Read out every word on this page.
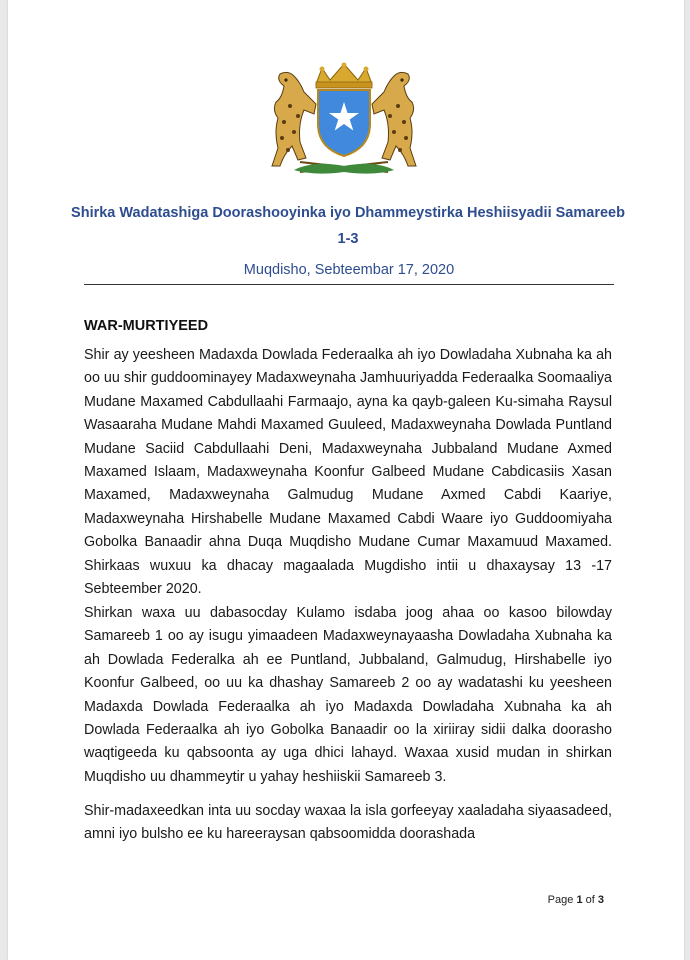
Shirka Wadatashiga Doorashooyinka iyo Dhammeystirka Heshiisyadii Samareeb 1-3
Muqdisho, Sebteembar 17, 2020
WAR-MURTIYEED

Shir ay yeesheen Madaxda Dowlada Federaalka ah iyo Dowladaha Xubnaha ka ah oo uu shir guddoominayey Madaxweynaha Jamhuuriyadda Federaalka Soomaaliya Mudane Maxamed Cabdullaahi Farmaajo, ayna ka qayb-galeen Ku-simaha Raysul Wasaaraha Mudane Mahdi Maxamed Guuleed, Madaxweynaha Dowlada Puntland Mudane Saciid Cabdullaahi Deni, Madaxweynaha Jubbaland Mudane Axmed Maxamed Islaam, Madaxweynaha Koonfur Galbeed Mudane Cabdicasiis Xasan Maxamed, Madaxweynaha Galmudug Mudane Axmed Cabdi Kaariye, Madaxweynaha Hirshabelle Mudane Maxamed Cabdi Waare iyo Guddoomiyaha Gobolka Banaadir ahna Duqa Muqdisho Mudane Cumar Maxamuud Maxamed. Shirkaas wuxuu ka dhacay magaalada Mugdisho intii u dhaxaysay 13 -17 Sebteember 2020.

Shirkan waxa uu dabasocday Kulamo isdaba joog ahaa oo kasoo bilowday Samareeb 1 oo ay isugu yimaadeen Madaxweynayaasha Dowladaha Xubnaha ka ah Dowlada Federalka ah ee Puntland, Jubbaland, Galmudug, Hirshabelle iyo Koonfur Galbeed, oo uu ka dhashay Samareeb 2 oo ay wadatashi ku yeesheen Madaxda Dowlada Federaalka ah iyo Madaxda Dowladaha Xubnaha ka ah Dowlada Federaalka ah iyo Gobolka Banaadir oo la xiriiray sidii dalka doorasho waqtigeeda ku qabsoonta ay uga dhici lahayd. Waxaa xusid mudan in shirkan Muqdisho uu dhammeytir u yahay heshiiskii Samareeb 3.

Shir-madaxeedkan inta uu socday waxaa la isla gorfeeyay xaaladaha siyaasadeed, amni iyo bulsho ee ku hareeraysan qabsoomidda doorashada

Page 1 of 3
